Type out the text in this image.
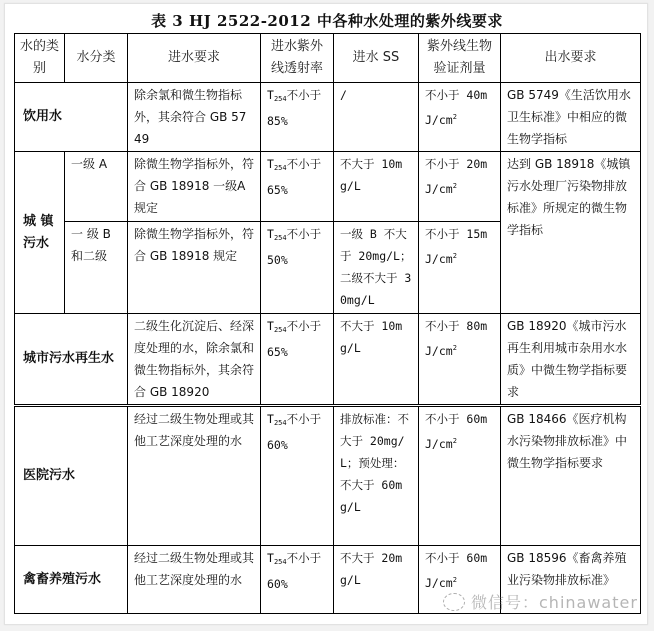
表 3 HJ 2522-2012 中各种水处理的紫外线要求
水的类别	水分类	进水要求	进水紫外线透射率	进水 SS	紫外线生物验证剂量	出水要求
饮用水		除余氯和微生物指标外，其余符合 GB 5749	$T_{254}$不小于 85%	/	不小于 $40mJ/cm^2$	GB 5749《生活饮用水卫生标准》中相应的微生物学指标
城 镇 污水	一级 A	除微生物学指标外，符合 GB 18918 一级A 规定	$T_{254}$不小于 65%	不大于 10mg/L	不小于 $20mJ/cm^2$	达到 GB 18918《城镇污水处理厂污染物排放标准》所规定的微生物学指标
	一 级 B 和二级	除微生物学指标外，符合 GB 18918 规定	$T_{254}$不小于 50%	一级 B 不大于 20mg/L；二级不大于 30mg/L	不小于 $15mJ/cm^2$
城市污水再生水		二级生化沉淀后、经深度处理的水，除余氯和微生物指标外，其余符合 GB 18920	$T_{254}$不小于 65%	不大于 10mg/L	不小于 $80mJ/cm^2$	GB 18920《城市污水再生利用城市杂用水水质》中微生物学指标要求
医院污水		经过二级生物处理或其他工艺深度处理的水	$T_{254}$不小于 60%	排放标准：不大于 20mg/L；预处理：不大于 60mg/L	不小于 $60mJ/cm^2$	GB 18466《医疗机构水污染物排放标准》中微生物学指标要求
禽畜养殖污水		经过二级生物处理或其他工艺深度处理的水	$T_{254}$不小于 60%	不大于 20mg/L	不小于 $60mJ/cm^2$	GB 18596《畜禽养殖业污染物排放标准》
微信号：chinawater
